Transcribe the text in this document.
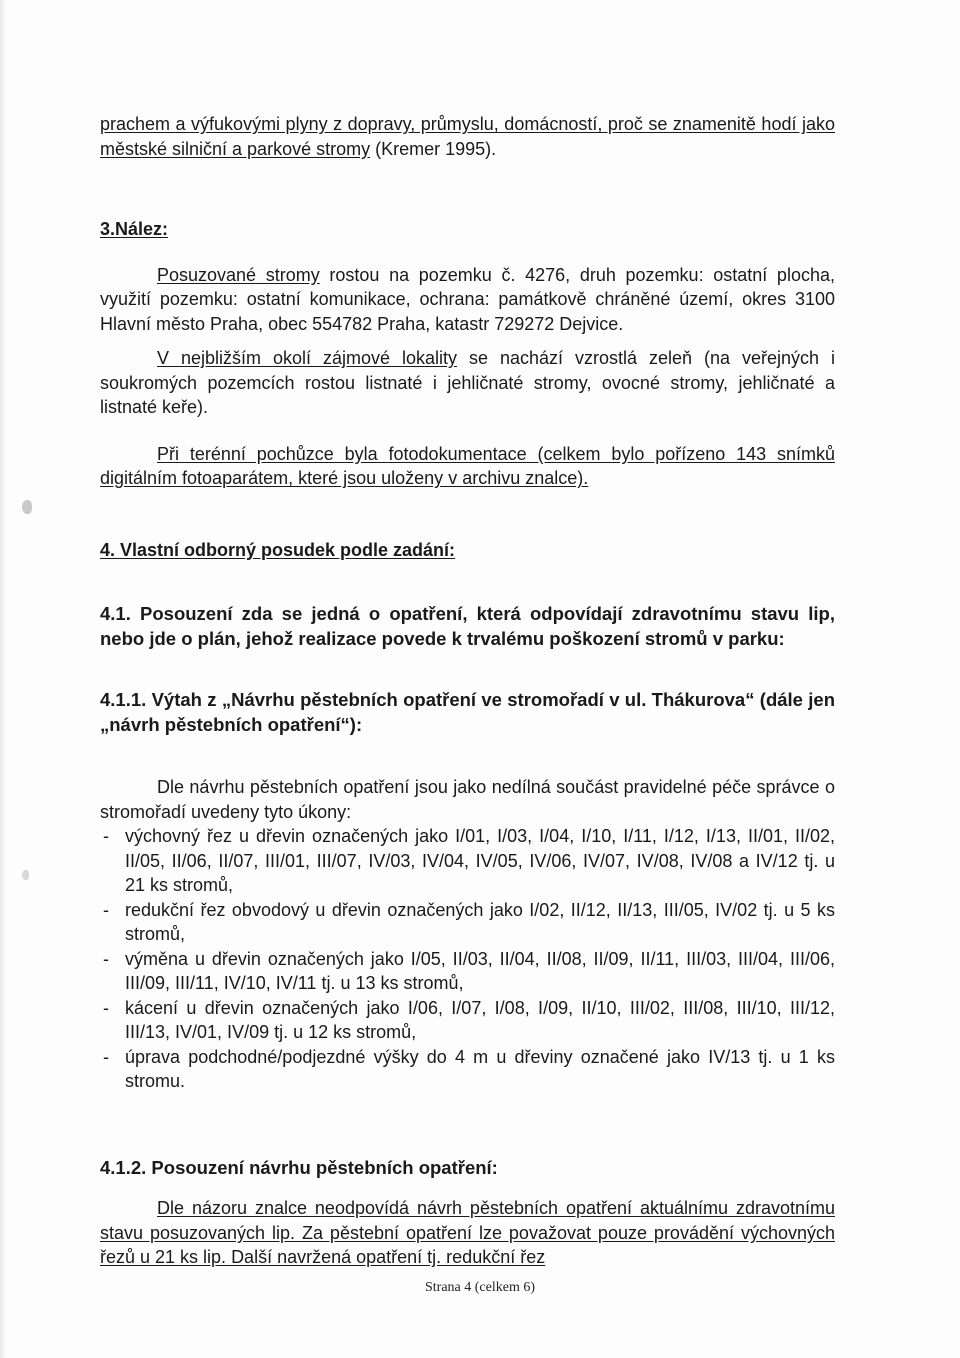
prachem a výfukovými plyny z dopravy, průmyslu, domácností, proč se znamenitě hodí jako městské silniční a parkové stromy (Kremer 1995).

3.Nález:

Posuzované stromy rostou na pozemku č. 4276, druh pozemku: ostatní plocha, využití pozemku: ostatní komunikace, ochrana: památkově chráněné území, okres 3100 Hlavní město Praha, obec 554782 Praha, katastr 729272 Dejvice.

V nejbližším okolí zájmové lokality se nachází vzrostlá zeleň (na veřejných i soukromých pozemcích rostou listnaté i jehličnaté stromy, ovocné stromy, jehličnaté a listnaté keře).

Při terénní pochůzce byla fotodokumentace (celkem bylo pořízeno 143 snímků digitálním fotoaparátem, které jsou uloženy v archivu znalce).

4. Vlastní odborný posudek podle zadání:

4.1. Posouzení zda se jedná o opatření, která odpovídají zdravotnímu stavu lip, nebo jde o plán, jehož realizace povede k trvalému poškození stromů v parku:

4.1.1. Výtah z „Návrhu pěstebních opatření ve stromořadí v ul. Thákurova“ (dále jen „návrh pěstebních opatření“):

Dle návrhu pěstebních opatření jsou jako nedílná součást pravidelné péče správce o stromořadí uvedeny tyto úkony:

- výchovný řez u dřevin označených jako I/01, I/03, I/04, I/10, I/11, I/12, I/13, II/01, II/02, II/05, II/06, II/07, III/01, III/07, IV/03, IV/04, IV/05, IV/06, IV/07, IV/08, IV/08 a IV/12 tj. u 21 ks stromů,
- redukční řez obvodový u dřevin označených jako I/02, II/12, II/13, III/05, IV/02 tj. u 5 ks stromů,
- výměna u dřevin označených jako I/05, II/03, II/04, II/08, II/09, II/11, III/03, III/04, III/06, III/09, III/11, IV/10, IV/11 tj. u 13 ks stromů,
- kácení u dřevin označených jako I/06, I/07, I/08, I/09, II/10, III/02, III/08, III/10, III/12, III/13, IV/01, IV/09 tj. u 12 ks stromů,
- úprava podchodné/podjezdné výšky do 4 m u dřeviny označené jako IV/13 tj. u 1 ks stromu.

4.1.2. Posouzení návrhu pěstebních opatření:

Dle názoru znalce neodpovídá návrh pěstebních opatření aktuálnímu zdravotnímu stavu posuzovaných lip. Za pěstební opatření lze považovat pouze provádění výchovných řezů u 21 ks lip. Další navržená opatření tj. redukční řez

Strana 4 (celkem 6)
